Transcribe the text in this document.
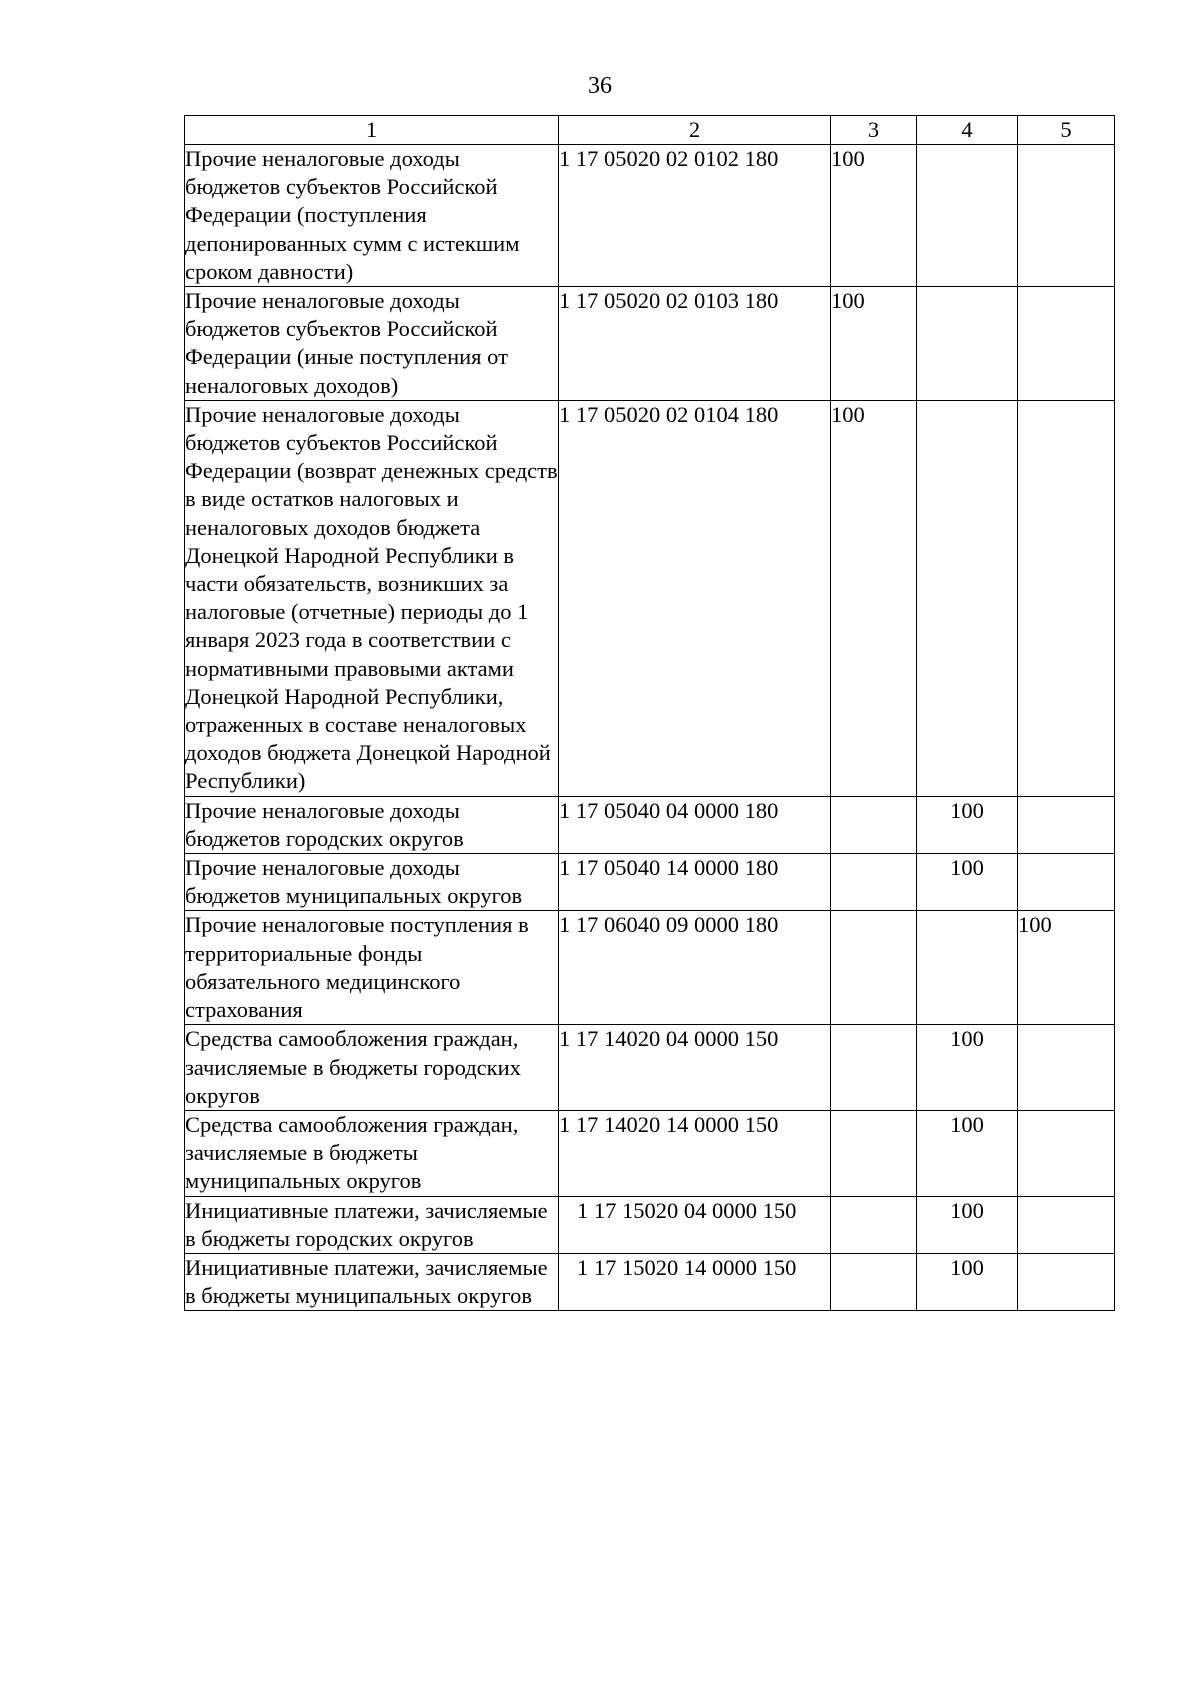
36
1	2	3	4	5
Прочие неналоговые доходы бюджетов субъектов Российской Федерации (поступления депонированных сумм с истекшим сроком давности)	1 17 05020 02 0102 180	100		
Прочие неналоговые доходы бюджетов субъектов Российской Федерации (иные поступления от неналоговых доходов)	1 17 05020 02 0103 180	100		
Прочие неналоговые доходы бюджетов субъектов Российской Федерации (возврат денежных средств в виде остатков налоговых и неналоговых доходов бюджета Донецкой Народной Республики в части обязательств, возникших за налоговые (отчетные) периоды до 1 января 2023 года в соответствии с нормативными правовыми актами Донецкой Народной Республики, отраженных в составе неналоговых доходов бюджета Донецкой Народной Республики)	1 17 05020 02 0104 180	100		
Прочие неналоговые доходы бюджетов городских округов	1 17 05040 04 0000 180		100	
Прочие неналоговые доходы бюджетов муниципальных округов	1 17 05040 14 0000 180		100	
Прочие неналоговые поступления в территориальные фонды обязательного медицинского страхования	1 17 06040 09 0000 180			100
Средства самообложения граждан, зачисляемые в бюджеты городских округов	1 17 14020 04 0000 150		100	
Средства самообложения граждан, зачисляемые в бюджеты муниципальных округов	1 17 14020 14 0000 150		100	
Инициативные платежи, зачисляемые в бюджеты городских округов	1 17 15020 04 0000 150		100	
Инициативные платежи, зачисляемые в бюджеты муниципальных округов	1 17 15020 14 0000 150		100	
